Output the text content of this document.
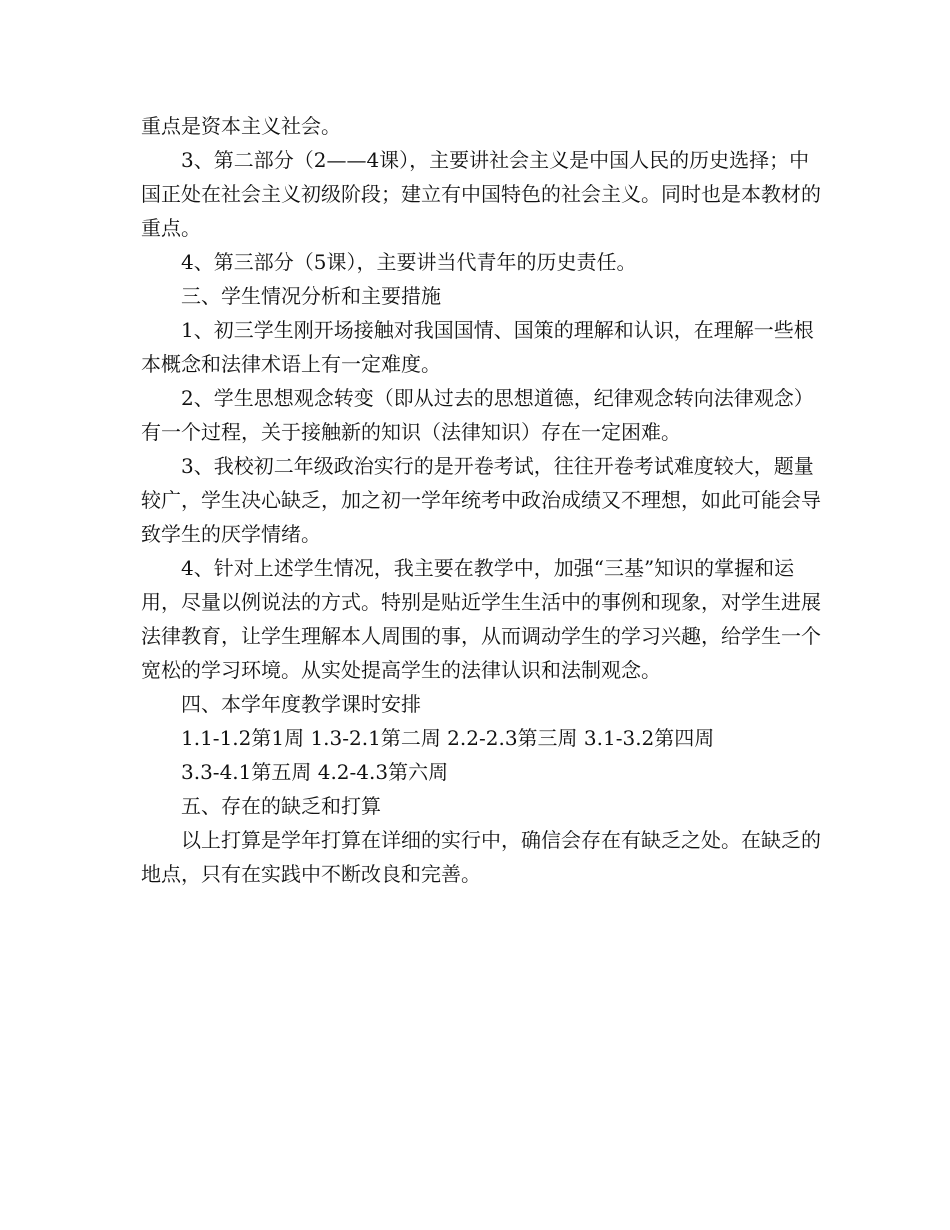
重点是资本主义社会。

3、第二部分（2——4课），主要讲社会主义是中国人民的历史选择；中国正处在社会主义初级阶段；建立有中国特色的社会主义。同时也是本教材的重点。

4、第三部分（5课），主要讲当代青年的历史责任。

三、学生情况分析和主要措施

1、初三学生刚开场接触对我国国情、国策的理解和认识，在理解一些根本概念和法律术语上有一定难度。

2、学生思想观念转变（即从过去的思想道德，纪律观念转向法律观念）有一个过程，关于接触新的知识（法律知识）存在一定困难。

3、我校初二年级政治实行的是开卷考试，往往开卷考试难度较大，题量较广，学生决心缺乏，加之初一学年统考中政治成绩又不理想，如此可能会导致学生的厌学情绪。

4、针对上述学生情况，我主要在教学中，加强“三基”知识的掌握和运用，尽量以例说法的方式。特别是贴近学生生活中的事例和现象，对学生进展法律教育，让学生理解本人周围的事，从而调动学生的学习兴趣，给学生一个宽松的学习环境。从实处提高学生的法律认识和法制观念。

四、本学年度教学课时安排

1.1-1.2第1周 1.3-2.1第二周 2.2-2.3第三周 3.1-3.2第四周

3.3-4.1第五周 4.2-4.3第六周

五、存在的缺乏和打算

以上打算是学年打算在详细的实行中，确信会存在有缺乏之处。在缺乏的地点，只有在实践中不断改良和完善。
